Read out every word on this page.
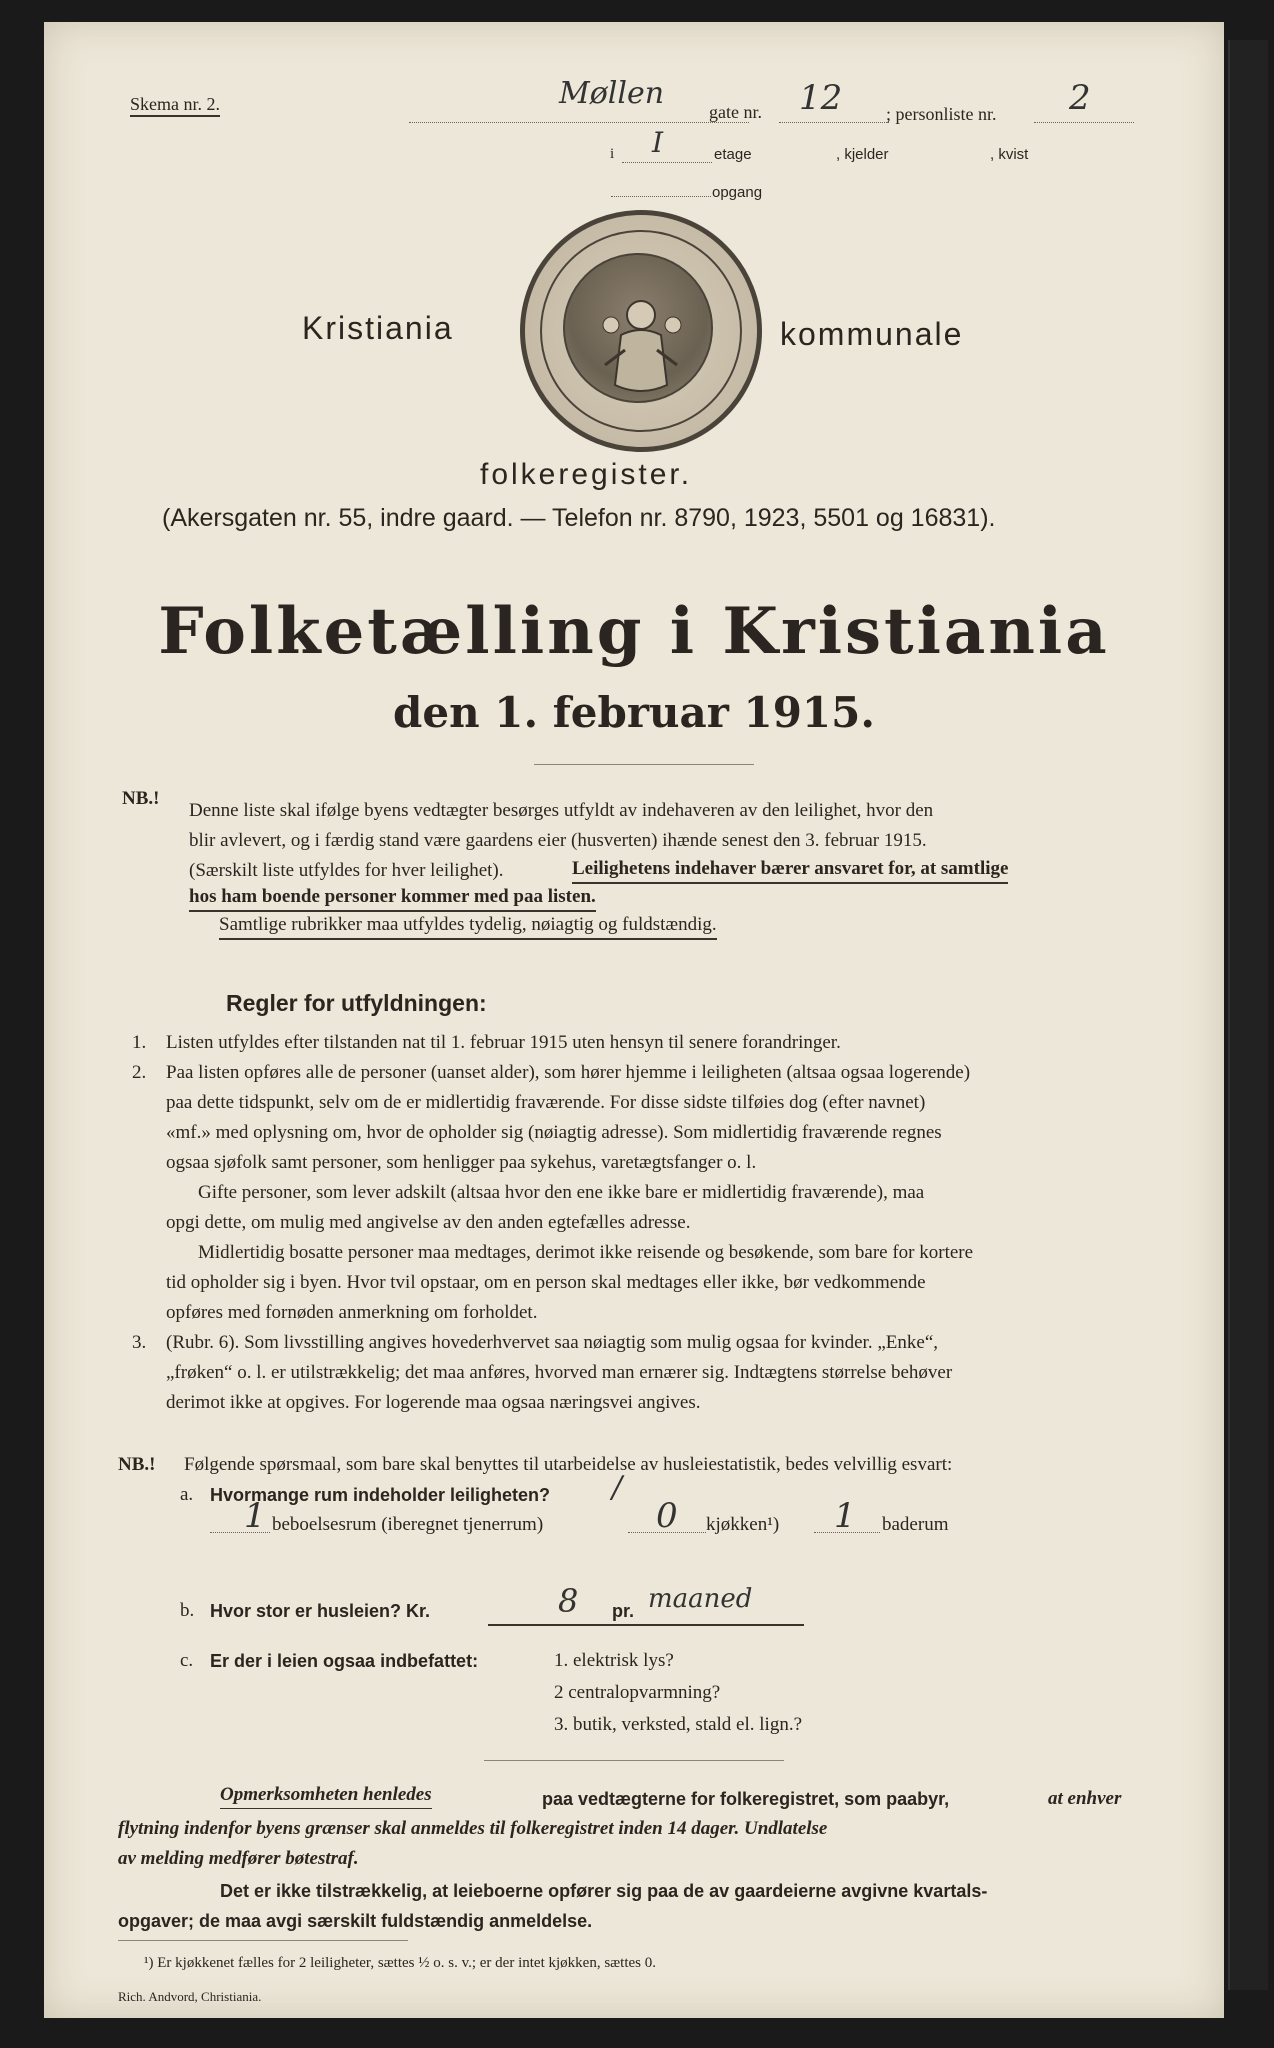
Skema nr. 2.	Møllen
gate nr. 12 ; personliste nr. 2
i I	etage	, kjelder	, kvist
opgang
Kristiania	kommunale
folkeregister.
(Akersgaten nr. 55, indre gaard. — Telefon nr. 8790, 1923, 5501 og 16831).
Folketælling i Kristiania
den 1. februar 1915.
NB.!
Denne liste skal ifølge byens vedtægter besørges utfyldt av indehaveren av den leilighet, hvor den
blir avlevert, og i færdig stand være gaardens eier (husverten) ihænde senest den 3. februar 1915.
(Særskilt liste utfyldes for hver leilighet).	Leilighetens indehaver bærer ansvaret for, at samtlige
hos ham boende personer kommer med paa listen.
Samtlige rubrikker maa utfyldes tydelig, nøiagtig og fuldstændig.
Regler for utfyldningen:
1. Listen utfyldes efter tilstanden nat til 1. februar 1915 uten hensyn til senere forandringer.
2. Paa listen opføres alle de personer (uanset alder), som hører hjemme i leiligheten (altsaa ogsaa logerende)
paa dette tidspunkt, selv om de er midlertidig fraværende. For disse sidste tilføies dog (efter navnet)
«mf.» med oplysning om, hvor de opholder sig (nøiagtig adresse). Som midlertidig fraværende regnes
ogsaa sjøfolk samt personer, som henligger paa sykehus, varetægtsfanger o. l.
Gifte personer, som lever adskilt (altsaa hvor den ene ikke bare er midlertidig fraværende), maa
opgi dette, om mulig med angivelse av den anden egtefælles adresse.
Midlertidig bosatte personer maa medtages, derimot ikke reisende og besøkende, som bare for kortere
tid opholder sig i byen. Hvor tvil opstaar, om en person skal medtages eller ikke, bør vedkommende
opføres med fornøden anmerkning om forholdet.
3. (Rubr. 6). Som livsstilling angives hovederhvervet saa nøiagtig som mulig ogsaa for kvinder. „Enke“,
„frøken“ o. l. er utilstrækkelig; det maa anføres, hvorved man ernærer sig. Indtægtens størrelse behøver
derimot ikke at opgives. For logerende maa ogsaa næringsvei angives.
NB.! Følgende spørsmaal, som bare skal benyttes til utarbeidelse av husleiestatistik, bedes velvillig esvart:
a. Hvormange rum indeholder leiligheten? /
1 beboelsesrum (iberegnet tjenerrum)	0 kjøkken¹) 1 baderum
b. Hvor stor er husleien? Kr.	8 pr. maaned
c. Er der i leien ogsaa indbefattet:	1. elektrisk lys?
2 centralopvarmning?
3. butik, verksted, stald el. lign.?
Opmerksomheten henledes	paa vedtægterne for folkeregistret, som paabyr,	at enhver
flytning indenfor byens grænser skal anmeldes til folkeregistret inden 14 dager. Undlatelse
av melding medfører bøtestraf.
Det er ikke tilstrækkelig, at leieboerne opfører sig paa de av gaardeierne avgivne kvartals-
opgaver; de maa avgi særskilt fuldstændig anmeldelse.
¹) Er kjøkkenet fælles for 2 leiligheter, sættes ½ o. s. v.; er der intet kjøkken, sættes 0.
Rich. Andvord, Christiania.
